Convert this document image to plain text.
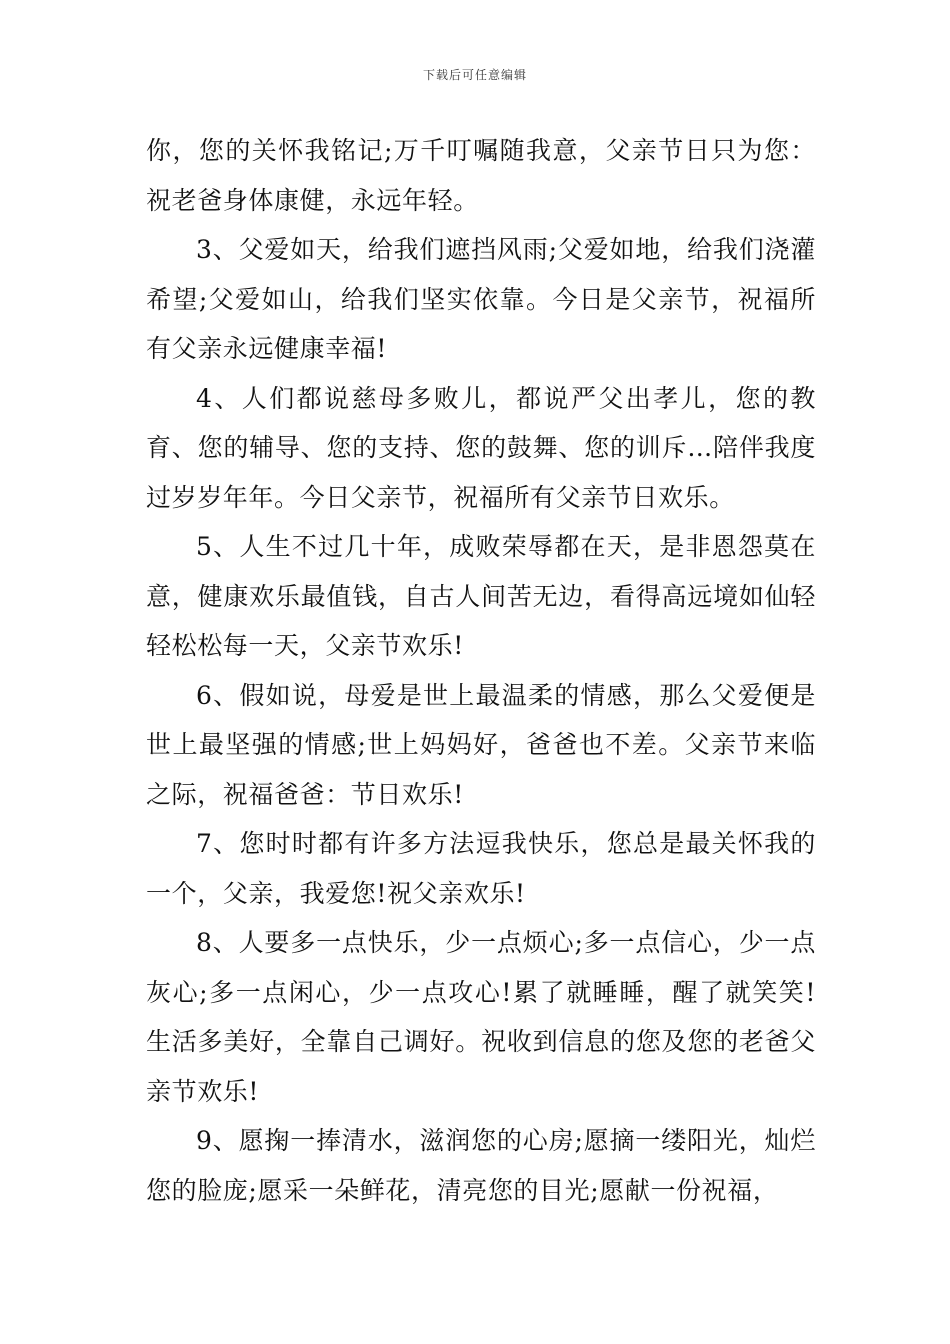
下载后可任意编辑

你，您的关怀我铭记;万千叮嘱随我意，父亲节日只为您：祝老爸身体康健，永远年轻。

3、父爱如天，给我们遮挡风雨;父爱如地，给我们浇灌希望;父爱如山，给我们坚实依靠。今日是父亲节，祝福所有父亲永远健康幸福!

4、人们都说慈母多败儿，都说严父出孝儿，您的教育、您的辅导、您的支持、您的鼓舞、您的训斥…陪伴我度过岁岁年年。今日父亲节，祝福所有父亲节日欢乐。

5、人生不过几十年，成败荣辱都在天，是非恩怨莫在意，健康欢乐最值钱，自古人间苦无边，看得高远境如仙轻轻松松每一天，父亲节欢乐!

6、假如说，母爱是世上最温柔的情感，那么父爱便是世上最坚强的情感;世上妈妈好，爸爸也不差。父亲节来临之际，祝福爸爸：节日欢乐!

7、您时时都有许多方法逗我快乐，您总是最关怀我的一个，父亲，我爱您!祝父亲欢乐!

8、人要多一点快乐，少一点烦心;多一点信心，少一点灰心;多一点闲心，少一点攻心!累了就睡睡，醒了就笑笑!生活多美好，全靠自己调好。祝收到信息的您及您的老爸父亲节欢乐!

9、愿掬一捧清水，滋润您的心房;愿摘一缕阳光，灿烂您的脸庞;愿采一朵鲜花，清亮您的目光;愿献一份祝福，
